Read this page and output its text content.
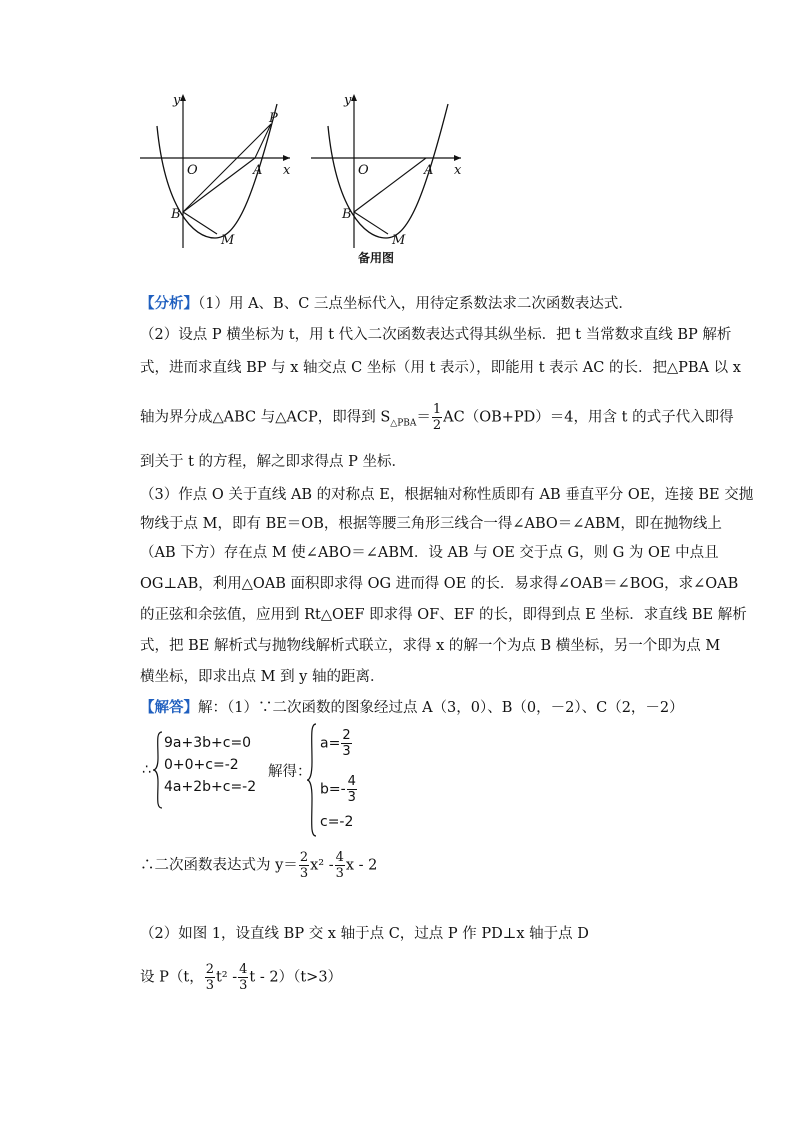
y
x
O	A
B
M
P
y
x
O	A
B
M
备用图
【分析】（1）用 A、B、C 三点坐标代入，用待定系数法求二次函数表达式．
（2）设点 P 横坐标为 t，用 t 代入二次函数表达式得其纵坐标．把 t 当常数求直线 BP 解析
式，进而求直线 BP 与 x 轴交点 C 坐标（用 t 表示），即能用 t 表示 AC 的长．把△PBA 以 x
轴为界分成△ABC 与△ACP，即得到 $S_{\triangle PBA}= \frac{1}{2} AC(OB+PD)=4$，用含 t 的式子代入即得
到关于 t 的方程，解之即求得点 P 坐标．
（3）作点 O 关于直线 AB 的对称点 E，根据轴对称性质即有 AB 垂直平分 OE，连接 BE 交抛
物线于点 M，即有 BE＝OB，根据等腰三角形三线合一得∠ABO＝∠ABM，即在抛物线上
（AB 下方）存在点 M 使∠ABO＝∠ABM．设 AB 与 OE 交于点 G，则 G 为 OE 中点且
OG⊥AB，利用△OAB 面积即求得 OG 进而得 OE 的长．易求得∠OAB＝∠BOG，求∠OAB
的正弦和余弦值，应用到 Rt△OEF 即求得 OF、EF 的长，即得到点 E 坐标．求直线 BE 解析
式，把 BE 解析式与抛物线解析式联立，求得 x 的解一个为点 B 横坐标，另一个即为点 M
横坐标，即求出点 M 到 y 轴的距离．
【解答】解：（1）∵二次函数的图象经过点 A（3，0）、B（0，－2）、C（2，－2）
∴
9a+3b+c=0
0+0+c=-2
4a+2b+c=-2
解得：
$a= \frac{2}{3}$
$b=- \frac{4}{3}$
c=-2
∴二次函数表达式为 $y= \frac{2}{3} x^2 - \frac{4}{3}$ x - 2
（2）如图 1，设直线 BP 交 x 轴于点 C，过点 P 作 PD⊥x 轴于点 D
设 P（t， $\frac{2}{3} t^2 - \frac{4}{3}$ t - 2）（t>3）
